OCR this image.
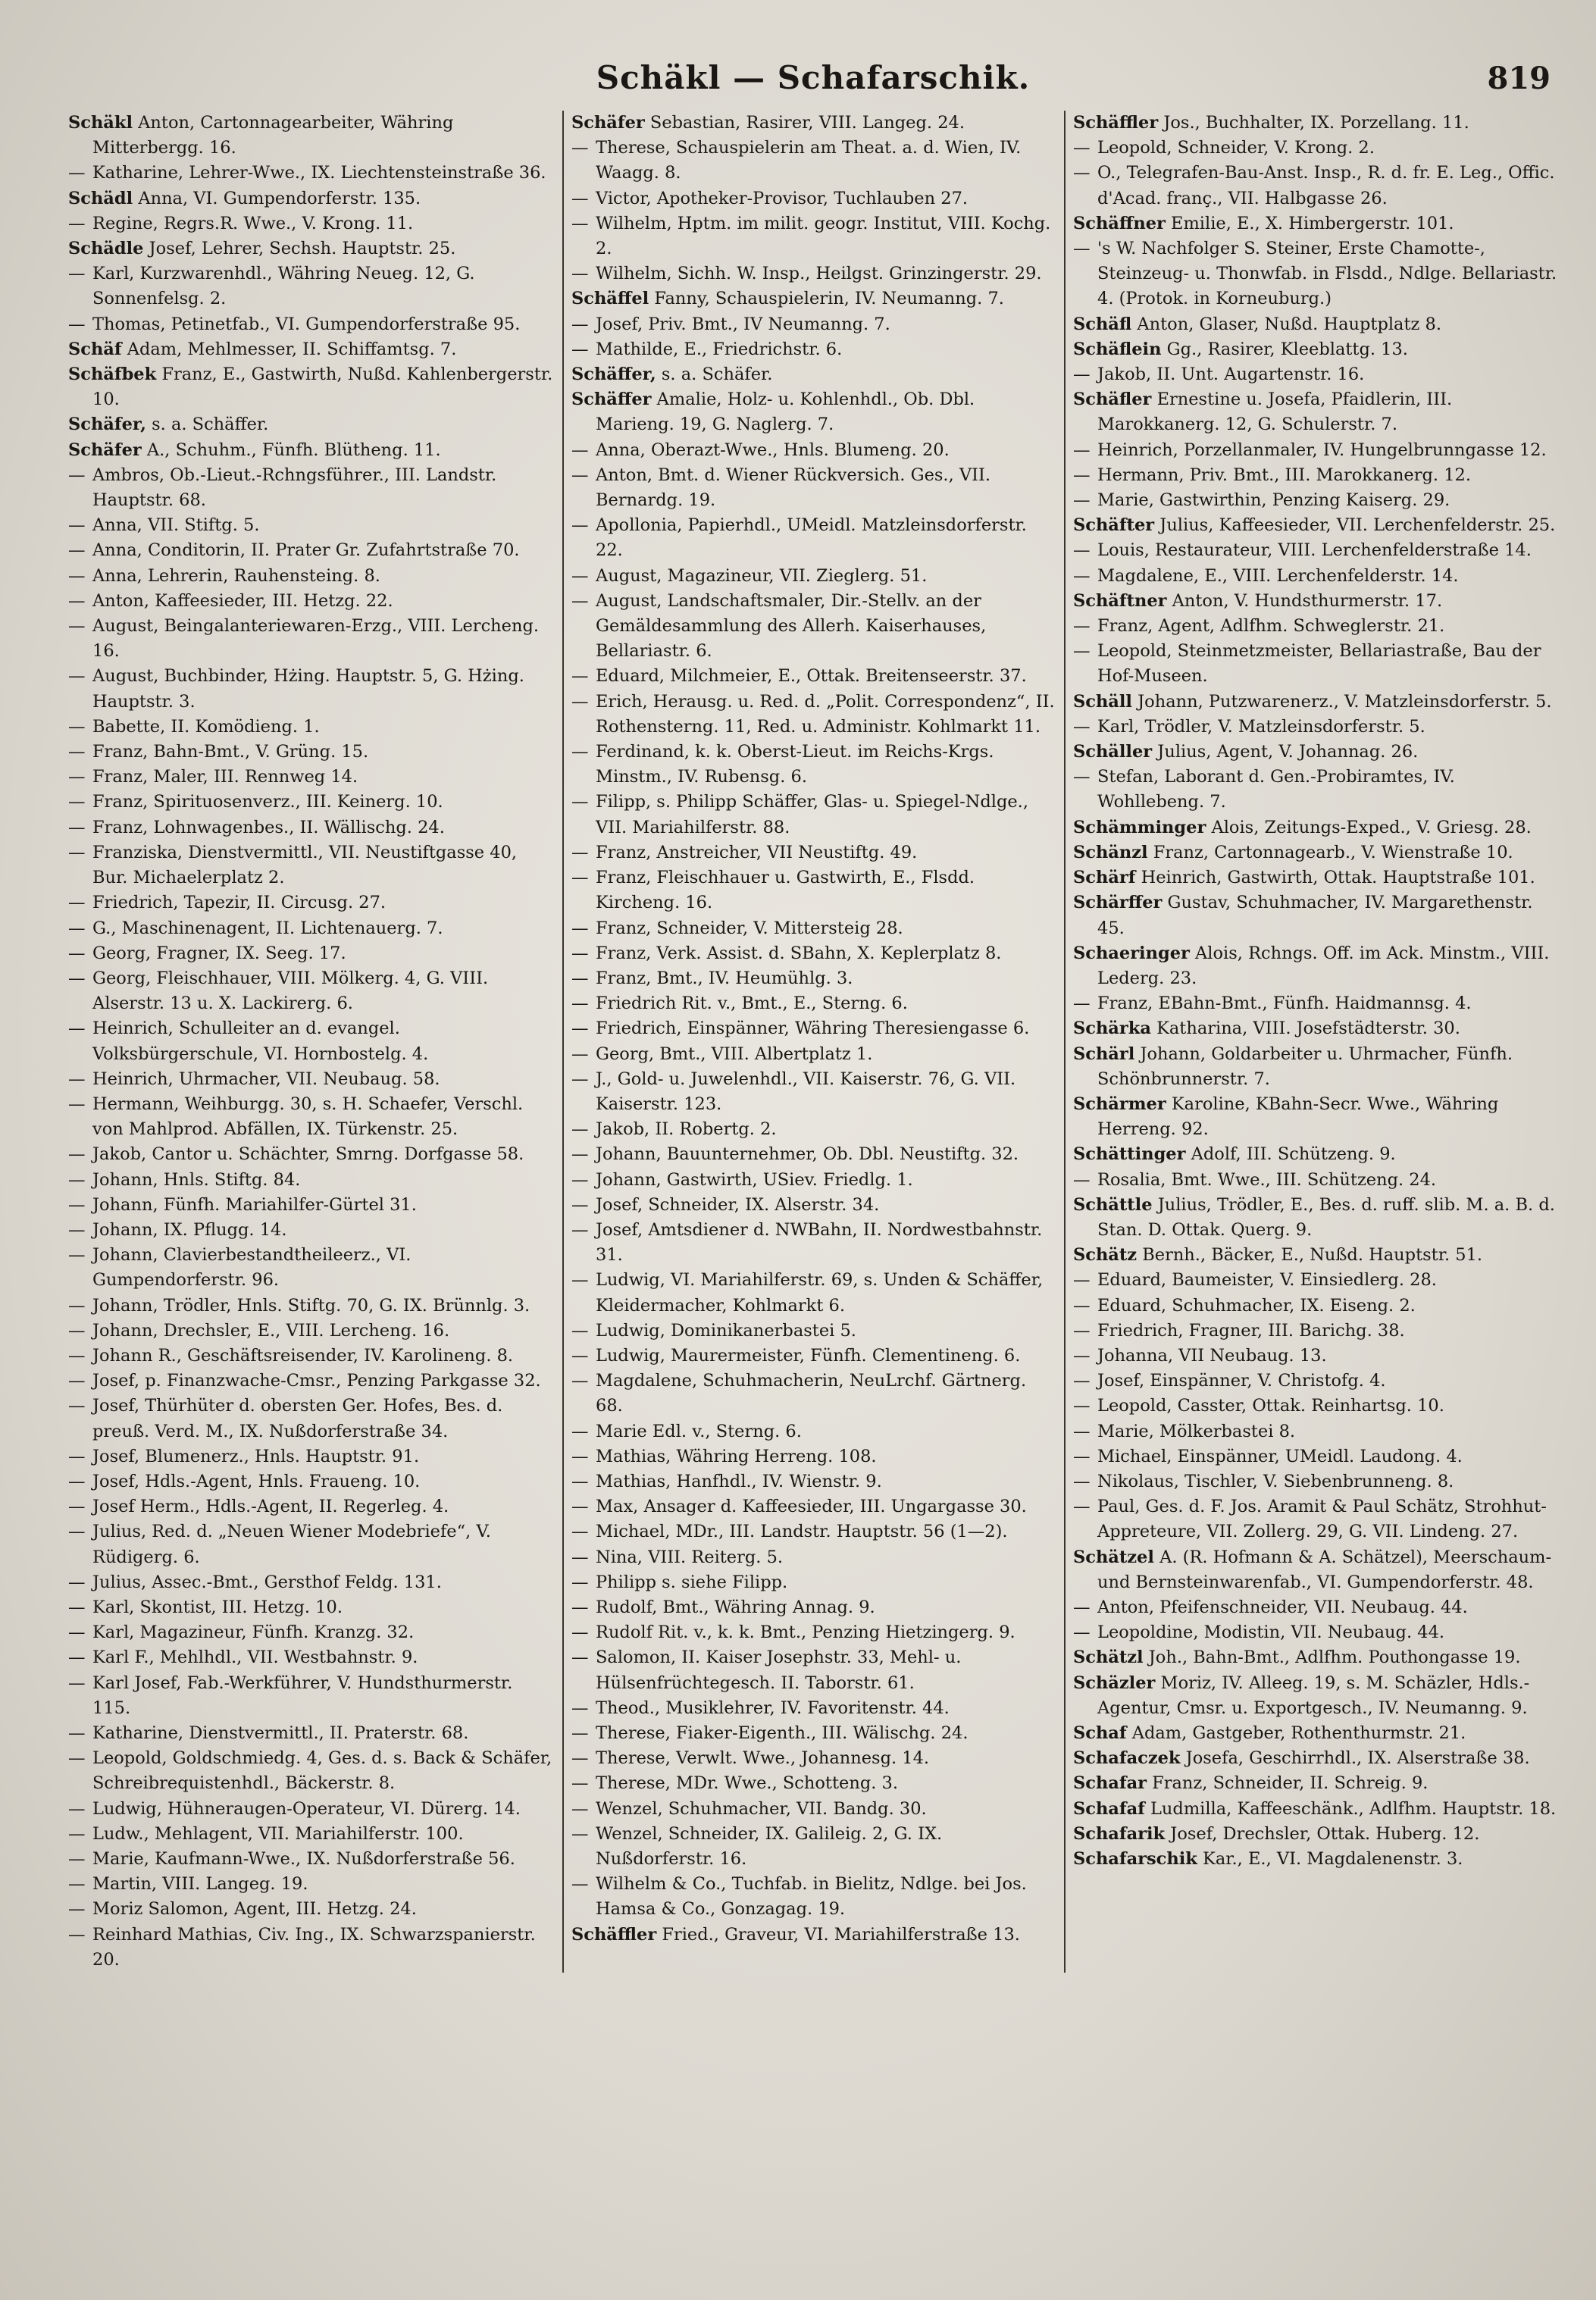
Schäkl — Schafarschik.	819

Schäkl Anton, Cartonnagearbeiter, Währing Mitterbergg. 16.

— Katharine, Lehrer-Wwe., IX. Liechtensteinstraße 36.

Schädl Anna, VI. Gumpendorferstr. 135.

— Regine, Regrs.R. Wwe., V. Krong. 11.

Schädle Josef, Lehrer, Sechsh. Hauptstr. 25.

— Karl, Kurzwarenhdl., Währing Neueg. 12, G. Sonnenfelsg. 2.

— Thomas, Petinetfab., VI. Gumpendorferstraße 95.

Schäf Adam, Mehlmesser, II. Schiffamtsg. 7.

Schäfbek Franz, E., Gastwirth, Nußd. Kahlenbergerstr. 10.

Schäfer, s. a. Schäffer.

Schäfer A., Schuhm., Fünfh. Blütheng. 11.

— Ambros, Ob.-Lieut.-Rchngsführer., III. Landstr. Hauptstr. 68.

— Anna, VII. Stiftg. 5.

— Anna, Conditorin, II. Prater Gr. Zufahrtstraße 70.

— Anna, Lehrerin, Rauhensteing. 8.

— Anton, Kaffeesieder, III. Hetzg. 22.

— August, Beingalanteriewaren-Erzg., VIII. Lercheng. 16.

— August, Buchbinder, Hżing. Hauptstr. 5, G. Hżing. Hauptstr. 3.

— Babette, II. Komödieng. 1.

— Franz, Bahn-Bmt., V. Grüng. 15.

— Franz, Maler, III. Rennweg 14.

— Franz, Spirituosenverz., III. Keinerg. 10.

— Franz, Lohnwagenbes., II. Wällischg. 24.

— Franziska, Dienstvermittl., VII. Neustiftgasse 40, Bur. Michaelerplatz 2.

— Friedrich, Tapezir, II. Circusg. 27.

— G., Maschinenagent, II. Lichtenauerg. 7.

— Georg, Fragner, IX. Seeg. 17.

— Georg, Fleischhauer, VIII. Mölkerg. 4, G. VIII. Alserstr. 13 u. X. Lackirerg. 6.

— Heinrich, Schulleiter an d. evangel. Volksbürgerschule, VI. Hornbostelg. 4.

— Heinrich, Uhrmacher, VII. Neubaug. 58.

— Hermann, Weihburgg. 30, s. H. Schaefer, Verschl. von Mahlprod. Abfällen, IX. Türkenstr. 25.

— Jakob, Cantor u. Schächter, Smrng. Dorfgasse 58.

— Johann, Hnls. Stiftg. 84.

— Johann, Fünfh. Mariahilfer-Gürtel 31.

— Johann, IX. Pflugg. 14.

— Johann, Clavierbestandtheileerz., VI. Gumpendorferstr. 96.

— Johann, Trödler, Hnls. Stiftg. 70, G. IX. Brünnlg. 3.

— Johann, Drechsler, E., VIII. Lercheng. 16.

— Johann R., Geschäftsreisender, IV. Karolineng. 8.

— Josef, p. Finanzwache-Cmsr., Penzing Parkgasse 32.

— Josef, Thürhüter d. obersten Ger. Hofes, Bes. d. preuß. Verd. M., IX. Nußdorferstraße 34.

— Josef, Blumenerz., Hnls. Hauptstr. 91.

— Josef, Hdls.-Agent, Hnls. Fraueng. 10.

— Josef Herm., Hdls.-Agent, II. Regerleg. 4.

— Julius, Red. d. „Neuen Wiener Modebriefe“, V. Rüdigerg. 6.

— Julius, Assec.-Bmt., Gersthof Feldg. 131.

— Karl, Skontist, III. Hetzg. 10.

— Karl, Magazineur, Fünfh. Kranzg. 32.

— Karl F., Mehlhdl., VII. Westbahnstr. 9.

— Karl Josef, Fab.-Werkführer, V. Hundsthurmerstr. 115.

— Katharine, Dienstvermittl., II. Praterstr. 68.

— Leopold, Goldschmiedg. 4, Ges. d. s. Back & Schäfer, Schreibrequistenhdl., Bäckerstr. 8.

— Ludwig, Hühneraugen-Operateur, VI. Dürerg. 14.

— Ludw., Mehlagent, VII. Mariahilferstr. 100.

— Marie, Kaufmann-Wwe., IX. Nußdorferstraße 56.

— Martin, VIII. Langeg. 19.

— Moriz Salomon, Agent, III. Hetzg. 24.

— Reinhard Mathias, Civ. Ing., IX. Schwarzspanierstr. 20.

Schäfer Sebastian, Rasirer, VIII. Langeg. 24.

— Therese, Schauspielerin am Theat. a. d. Wien, IV. Waagg. 8.

— Victor, Apotheker-Provisor, Tuchlauben 27.

— Wilhelm, Hptm. im milit. geogr. Institut, VIII. Kochg. 2.

— Wilhelm, Sichh. W. Insp., Heilgst. Grinzingerstr. 29.

Schäffel Fanny, Schauspielerin, IV. Neumanng. 7.

— Josef, Priv. Bmt., IV Neumanng. 7.

— Mathilde, E., Friedrichstr. 6.

Schäffer, s. a. Schäfer.

Schäffer Amalie, Holz- u. Kohlenhdl., Ob. Dbl. Marieng. 19, G. Naglerg. 7.

— Anna, Oberazt-Wwe., Hnls. Blumeng. 20.

— Anton, Bmt. d. Wiener Rückversich. Ges., VII. Bernardg. 19.

— Apollonia, Papierhdl., UMeidl. Matzleinsdorferstr. 22.

— August, Magazineur, VII. Zieglerg. 51.

— August, Landschaftsmaler, Dir.-Stellv. an der Gemäldesammlung des Allerh. Kaiserhauses, Bellariastr. 6.

— Eduard, Milchmeier, E., Ottak. Breitenseerstr. 37.

— Erich, Herausg. u. Red. d. „Polit. Correspondenz“, II. Rothensterng. 11, Red. u. Administr. Kohlmarkt 11.

— Ferdinand, k. k. Oberst-Lieut. im Reichs-Krgs. Minstm., IV. Rubensg. 6.

— Filipp, s. Philipp Schäffer, Glas- u. Spiegel-Ndlge., VII. Mariahilferstr. 88.

— Franz, Anstreicher, VII Neustiftg. 49.

— Franz, Fleischhauer u. Gastwirth, E., Flsdd. Kircheng. 16.

— Franz, Schneider, V. Mittersteig 28.

— Franz, Verk. Assist. d. SBahn, X. Keplerplatz 8.

— Franz, Bmt., IV. Heumühlg. 3.

— Friedrich Rit. v., Bmt., E., Sterng. 6.

— Friedrich, Einspänner, Währing Theresiengasse 6.

— Georg, Bmt., VIII. Albertplatz 1.

— J., Gold- u. Juwelenhdl., VII. Kaiserstr. 76, G. VII. Kaiserstr. 123.

— Jakob, II. Robertg. 2.

— Johann, Bauunternehmer, Ob. Dbl. Neustiftg. 32.

— Johann, Gastwirth, USiev. Friedlg. 1.

— Josef, Schneider, IX. Alserstr. 34.

— Josef, Amtsdiener d. NWBahn, II. Nordwestbahnstr. 31.

— Ludwig, VI. Mariahilferstr. 69, s. Unden & Schäffer, Kleidermacher, Kohlmarkt 6.

— Ludwig, Dominikanerbastei 5.

— Ludwig, Maurermeister, Fünfh. Clementineng. 6.

— Magdalene, Schuhmacherin, NeuLrchf. Gärtnerg. 68.

— Marie Edl. v., Sterng. 6.

— Mathias, Währing Herreng. 108.

— Mathias, Hanfhdl., IV. Wienstr. 9.

— Max, Ansager d. Kaffeesieder, III. Ungargasse 30.

— Michael, MDr., III. Landstr. Hauptstr. 56 (1—2).

— Nina, VIII. Reiterg. 5.

— Philipp s. siehe Filipp.

— Rudolf, Bmt., Währing Annag. 9.

— Rudolf Rit. v., k. k. Bmt., Penzing Hietzingerg. 9.

— Salomon, II. Kaiser Josephstr. 33, Mehl- u. Hülsenfrüchtegesch. II. Taborstr. 61.

— Theod., Musiklehrer, IV. Favoritenstr. 44.

— Therese, Fiaker-Eigenth., III. Wälischg. 24.

— Therese, Verwlt. Wwe., Johannesg. 14.

— Therese, MDr. Wwe., Schotteng. 3.

— Wenzel, Schuhmacher, VII. Bandg. 30.

— Wenzel, Schneider, IX. Galileig. 2, G. IX. Nußdorferstr. 16.

— Wilhelm & Co., Tuchfab. in Bielitz, Ndlge. bei Jos. Hamsa & Co., Gonzagag. 19.

Schäffler Fried., Graveur, VI. Mariahilferstraße 13.

Schäffler Jos., Buchhalter, IX. Porzellang. 11.

— Leopold, Schneider, V. Krong. 2.

— O., Telegrafen-Bau-Anst. Insp., R. d. fr. E. Leg., Offic. d'Acad. franç., VII. Halbgasse 26.

Schäffner Emilie, E., X. Himbergerstr. 101.

— 's W. Nachfolger S. Steiner, Erste Chamotte-, Steinzeug- u. Thonwfab. in Flsdd., Ndlge. Bellariastr. 4. (Protok. in Korneuburg.)

Schäfl Anton, Glaser, Nußd. Hauptplatz 8.

Schäflein Gg., Rasirer, Kleeblattg. 13.

— Jakob, II. Unt. Augartenstr. 16.

Schäfler Ernestine u. Josefa, Pfaidlerin, III. Marokkanerg. 12, G. Schulerstr. 7.

— Heinrich, Porzellanmaler, IV. Hungelbrunngasse 12.

— Hermann, Priv. Bmt., III. Marokkanerg. 12.

— Marie, Gastwirthin, Penzing Kaiserg. 29.

Schäfter Julius, Kaffeesieder, VII. Lerchenfelderstr. 25.

— Louis, Restaurateur, VIII. Lerchenfelderstraße 14.

— Magdalene, E., VIII. Lerchenfelderstr. 14.

Schäftner Anton, V. Hundsthurmerstr. 17.

— Franz, Agent, Adlfhm. Schweglerstr. 21.

— Leopold, Steinmetzmeister, Bellariastraße, Bau der Hof-Museen.

Schäll Johann, Putzwarenerz., V. Matzleinsdorferstr. 5.

— Karl, Trödler, V. Matzleinsdorferstr. 5.

Schäller Julius, Agent, V. Johannag. 26.

— Stefan, Laborant d. Gen.-Probiramtes, IV. Wohllebeng. 7.

Schämminger Alois, Zeitungs-Exped., V. Griesg. 28.

Schänzl Franz, Cartonnagearb., V. Wienstraße 10.

Schärf Heinrich, Gastwirth, Ottak. Hauptstraße 101.

Schärffer Gustav, Schuhmacher, IV. Margarethenstr. 45.

Schaeringer Alois, Rchngs. Off. im Ack. Minstm., VIII. Lederg. 23.

— Franz, EBahn-Bmt., Fünfh. Haidmannsg. 4.

Schärka Katharina, VIII. Josefstädterstr. 30.

Schärl Johann, Goldarbeiter u. Uhrmacher, Fünfh. Schönbrunnerstr. 7.

Schärmer Karoline, KBahn-Secr. Wwe., Währing Herreng. 92.

Schättinger Adolf, III. Schützeng. 9.

— Rosalia, Bmt. Wwe., III. Schützeng. 24.

Schättle Julius, Trödler, E., Bes. d. ruff. slib. M. a. B. d. Stan. D. Ottak. Querg. 9.

Schätz Bernh., Bäcker, E., Nußd. Hauptstr. 51.

— Eduard, Baumeister, V. Einsiedlerg. 28.

— Eduard, Schuhmacher, IX. Eiseng. 2.

— Friedrich, Fragner, III. Barichg. 38.

— Johanna, VII Neubaug. 13.

— Josef, Einspänner, V. Christofg. 4.

— Leopold, Casster, Ottak. Reinhartsg. 10.

— Marie, Mölkerbastei 8.

— Michael, Einspänner, UMeidl. Laudong. 4.

— Nikolaus, Tischler, V. Siebenbrunneng. 8.

— Paul, Ges. d. F. Jos. Aramit & Paul Schätz, Strohhut-Appreteure, VII. Zollerg. 29, G. VII. Lindeng. 27.

Schätzel A. (R. Hofmann & A. Schätzel), Meerschaum- und Bernsteinwarenfab., VI. Gumpendorferstr. 48.

— Anton, Pfeifenschneider, VII. Neubaug. 44.

— Leopoldine, Modistin, VII. Neubaug. 44.

Schätzl Joh., Bahn-Bmt., Adlfhm. Pouthongasse 19.

Schäzler Moriz, IV. Alleeg. 19, s. M. Schäzler, Hdls.-Agentur, Cmsr. u. Exportgesch., IV. Neumanng. 9.

Schaf Adam, Gastgeber, Rothenthurmstr. 21.

Schafaczek Josefa, Geschirrhdl., IX. Alserstraße 38.

Schafar Franz, Schneider, II. Schreig. 9.

Schafaf Ludmilla, Kaffeeschänk., Adlfhm. Hauptstr. 18.

Schafarik Josef, Drechsler, Ottak. Huberg. 12.

Schafarschik Kar., E., VI. Magdalenenstr. 3.
